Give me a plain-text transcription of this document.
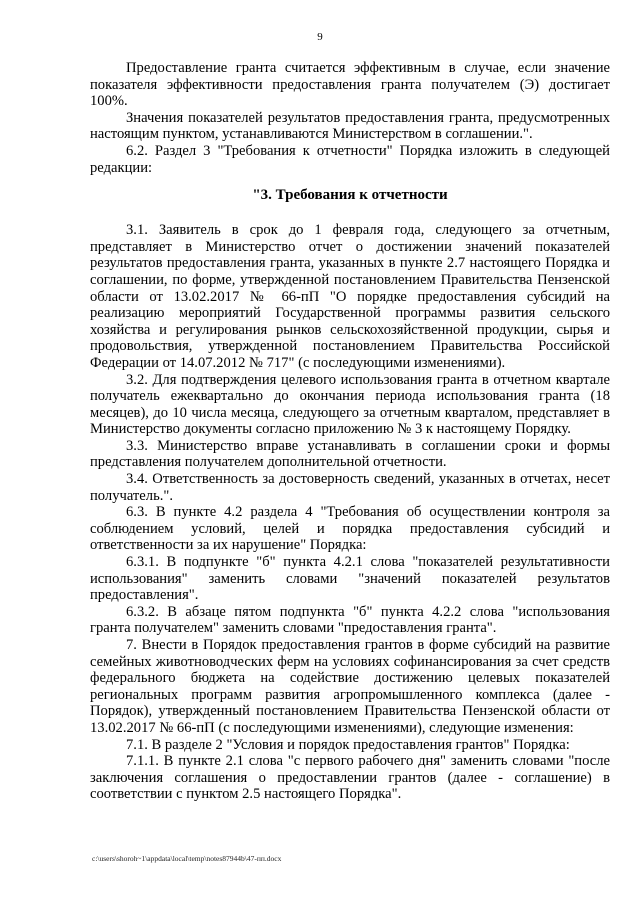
9

Предоставление гранта считается эффективным в случае, если значение показателя эффективности предоставления гранта получателем (Э) достигает 100%.

Значения показателей результатов предоставления гранта, предусмотренных настоящим пунктом, устанавливаются Министерством в соглашении.".

6.2. Раздел 3 "Требования к отчетности" Порядка изложить в следующей редакции:

"3. Требования к отчетности

3.1. Заявитель в срок до 1 февраля года, следующего за отчетным, представляет в Министерство отчет о достижении значений показателей результатов предоставления гранта, указанных в пункте 2.7 настоящего Порядка и соглашении, по форме, утвержденной постановлением Правительства Пензенской области от 13.02.2017 № 66-пП "О порядке предоставления субсидий на реализацию мероприятий Государственной программы развития сельского хозяйства и регулирования рынков сельскохозяйственной продукции, сырья и продовольствия, утвержденной постановлением Правительства Российской Федерации от 14.07.2012 № 717" (с последующими изменениями).

3.2. Для подтверждения целевого использования гранта в отчетном квартале получатель ежеквартально до окончания периода использования гранта (18 месяцев), до 10 числа месяца, следующего за отчетным кварталом, представляет в Министерство документы согласно приложению № 3 к настоящему Порядку.

3.3. Министерство вправе устанавливать в соглашении сроки и формы представления получателем дополнительной отчетности.

3.4. Ответственность за достоверность сведений, указанных в отчетах, несет получатель.".

6.3. В пункте 4.2 раздела 4 "Требования об осуществлении контроля за соблюдением условий, целей и порядка предоставления субсидий и ответственности за их нарушение" Порядка:

6.3.1. В подпункте "б" пункта 4.2.1 слова "показателей результативности использования" заменить словами "значений показателей результатов предоставления".

6.3.2. В абзаце пятом подпункта "б" пункта 4.2.2 слова "использования гранта получателем" заменить словами "предоставления гранта".

7. Внести в Порядок предоставления грантов в форме субсидий на развитие семейных животноводческих ферм на условиях софинансирования за счет средств федерального бюджета на содействие достижению целевых показателей региональных программ развития агропромышленного комплекса (далее - Порядок), утвержденный постановлением Правительства Пензенской области от 13.02.2017 № 66-пП (с последующими изменениями), следующие изменения:

7.1. В разделе 2 "Условия и порядок предоставления грантов" Порядка:

7.1.1. В пункте 2.1 слова "с первого рабочего дня" заменить словами "после заключения соглашения о предоставлении грантов (далее - соглашение) в соответствии с пунктом 2.5 настоящего Порядка".

c:\users\shoroh~1\appdata\local\temp\notes87944b\47-пп.docx
